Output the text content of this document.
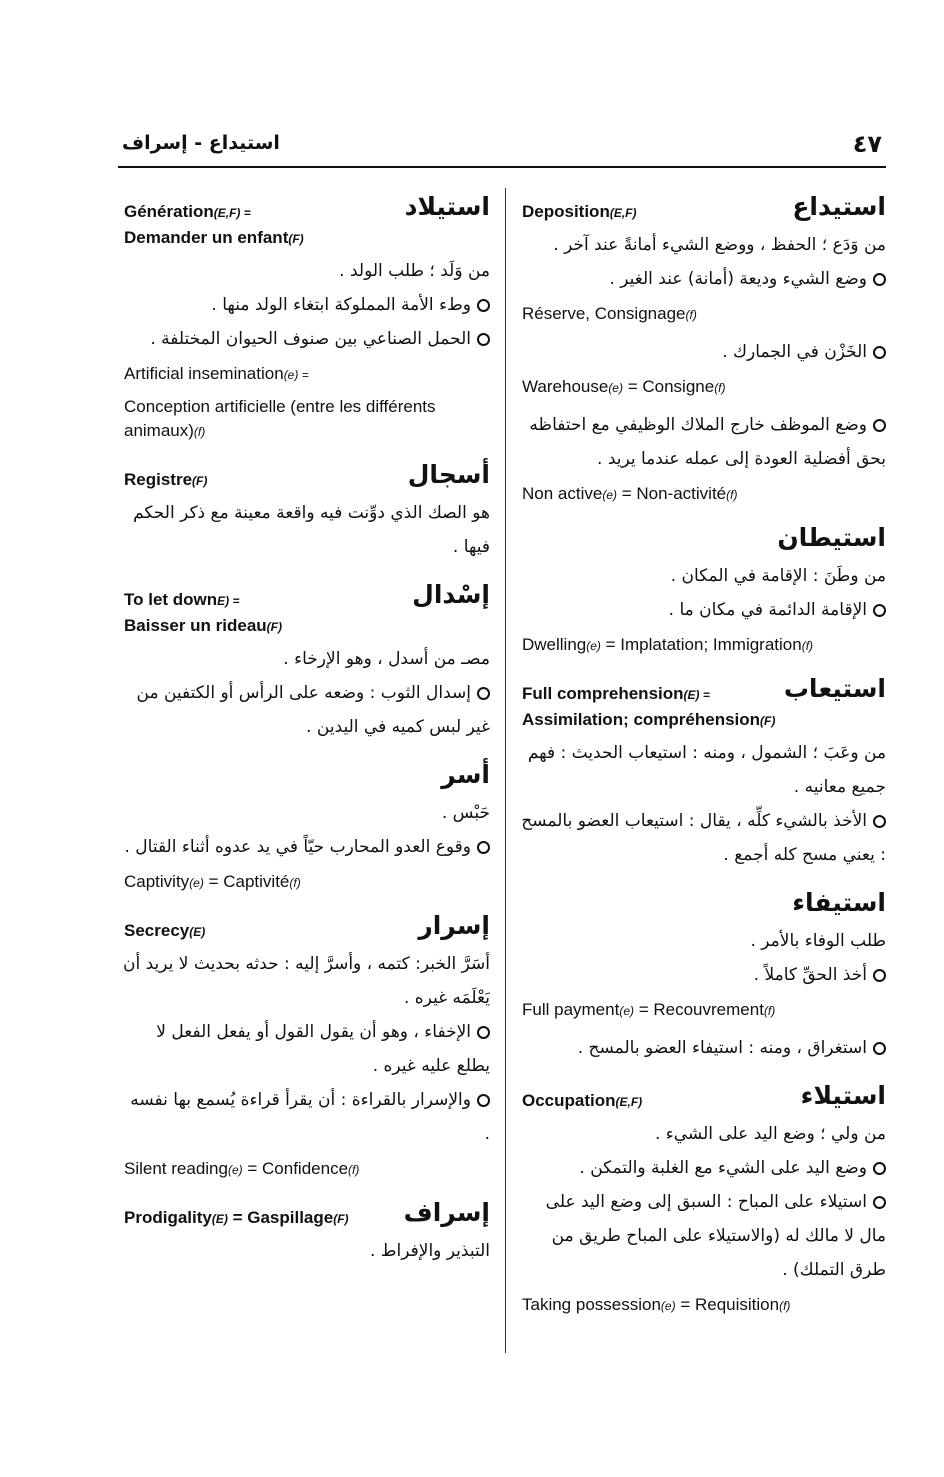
استيداع - إسراف	٤٧
استيداع
Deposition(E,F)

من وَدَع ؛ الحفظ ، ووضع الشيء أمانةً عند آخر .

وضع الشيء وديعة (أمانة) عند الغير .

Réserve, Consignage(f)

الخَزْن في الجمارك .

Warehouse(e) = Consigne(f)

وضع الموظف خارج الملاك الوظيفي مع احتفاظه بحق أفضلية العودة إلى عمله عندما يريد .

Non active(e) = Non-activité(f)

استيطان

من وطَنَ : الإقامة في المكان .

الإقامة الدائمة في مكان ما .

Dwelling(e) = Implatation; Immigration(f)

استيعاب
Full comprehension(E) =

Assimilation; compréhension(F)

من وعَبَ ؛ الشمول ، ومنه : استيعاب الحديث : فهم جميع معانيه .

الأخذ بالشيء كلِّه ، يقال : استيعاب العضو بالمسح : يعني مسح كله أجمع .

استيفاء

طلب الوفاء بالأمر .

أخذ الحقِّ كاملاً .

Full payment(e) = Recouvrement(f)

استغراق ، ومنه : استيفاء العضو بالمسح .

استيلاء
Occupation(E,F)

من ولي ؛ وضع اليد على الشيء .

وضع اليد على الشيء مع الغلبة والتمكن .

استيلاء على المباح : السبق إلى وضع اليد على مال لا مالك له (والاستيلاء على المباح طريق من طرق التملك) .

Taking possession(e) = Requisition(f)

استيلاد
Génération(E,F) =

Demander un enfant(F)

من وَلَد ؛ طلب الولد .

وطء الأمة المملوكة ابتغاء الولد منها .

الحمل الصناعي بين صنوف الحيوان المختلفة .

Artificial insemination(e) =

Conception artificielle (entre les différents animaux)(f)

أسجال
Registre(F)

هو الصك الذي دوِّنت فيه واقعة معينة مع ذكر الحكم فيها .

إسْدال
To let downE) =

Baisser un rideau(F)

مصـ من أسدل ، وهو الإرخاء .

إسدال الثوب : وضعه على الرأس أو الكتفين من غير لبس كميه في اليدين .

أسر

حَبْس .

وقوع العدو المحارب حيّاً في يد عدوه أثناء القتال .

Captivity(e) = Captivité(f)

إسرار
Secrecy(E)

أسَرَّ الخبر: كتمه ، وأسرَّ إليه : حدثه بحديث لا يريد أن يَعْلَمَه غيره .

الإخفاء ، وهو أن يقول القول أو يفعل الفعل لا يطلع عليه غيره .

والإسرار بالقراءة : أن يقرأ قراءة يُسمع بها نفسه .

Silent reading(e) = Confidence(f)

إسراف
Prodigality(E) = Gaspillage(F)

التبذير والإفراط .
